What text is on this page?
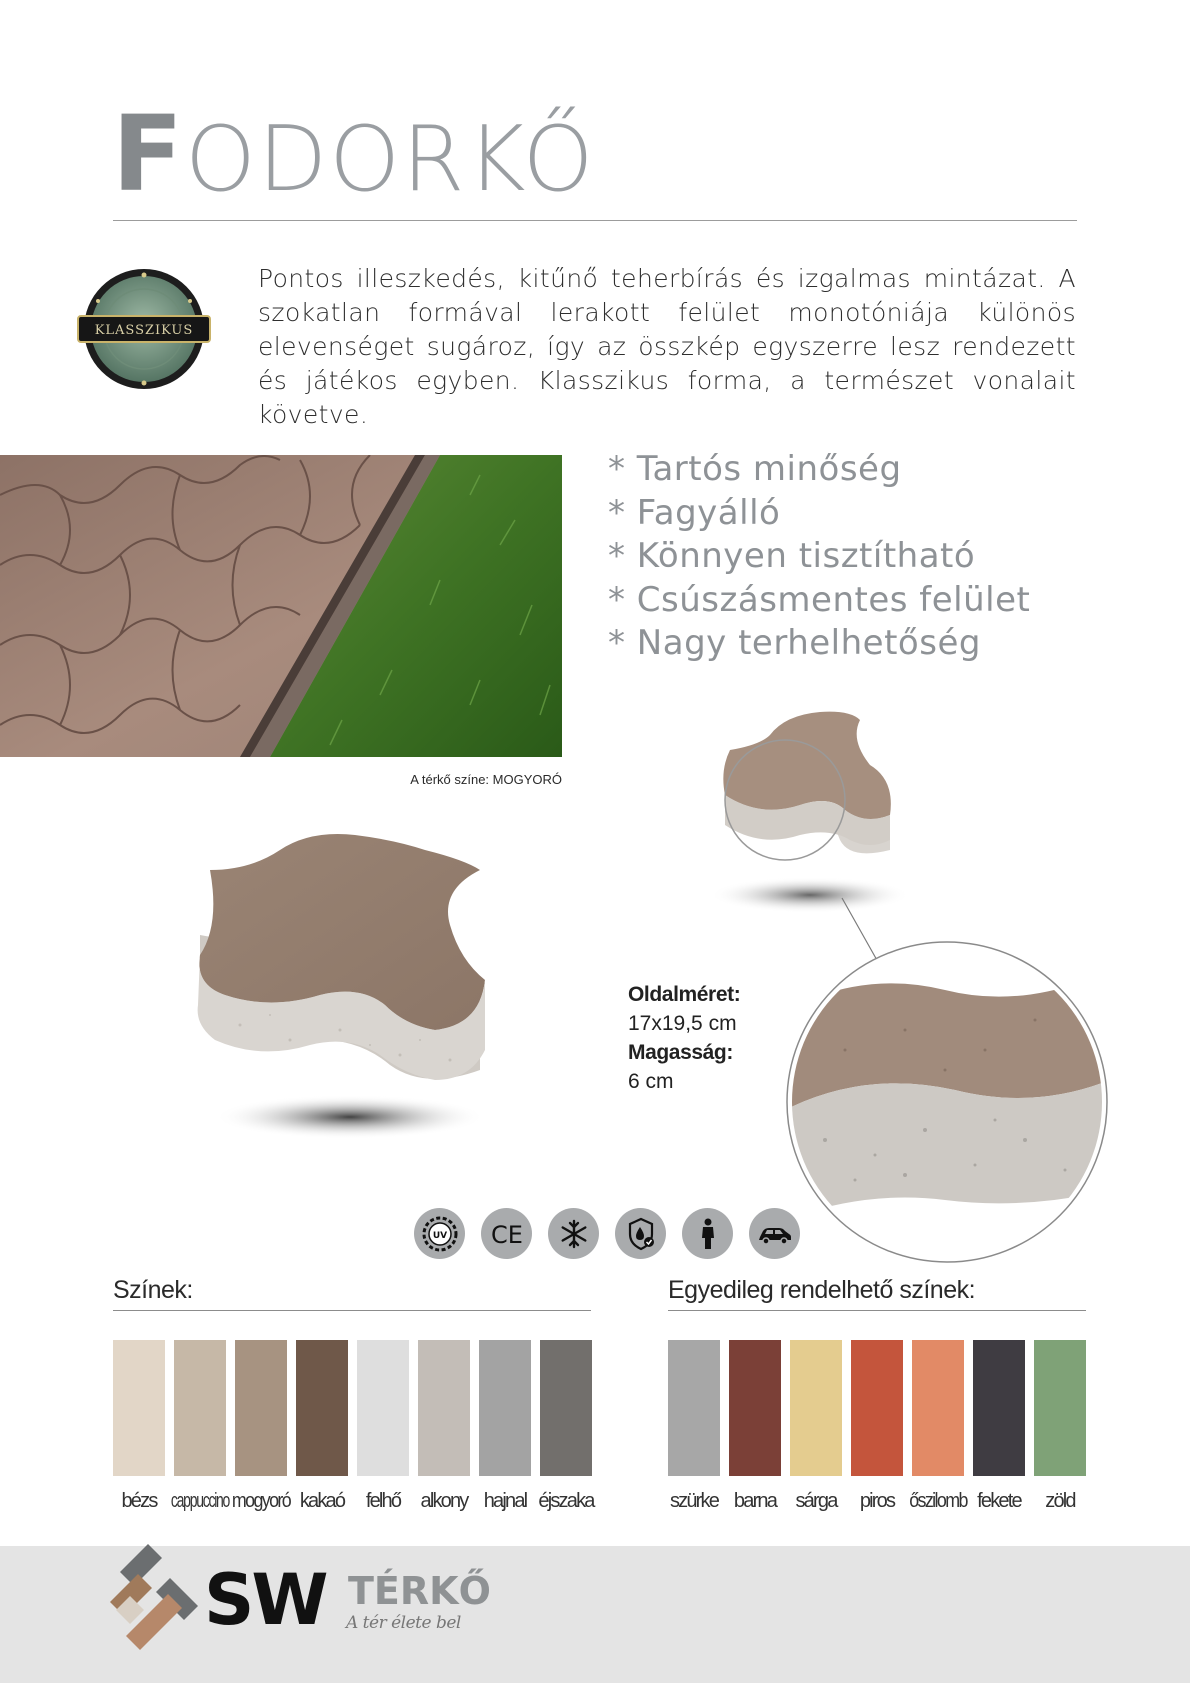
FODORKŐ
KLASSZIKUS

Pontos illeszkedés, kitűnő teherbírás és izgalmas mintázat. A szokatlan formával lerakott felület monotóniája különös elevenséget sugároz, így az összkép egyszerre lesz rendezett és játékos egyben. Klasszikus forma, a természet vonalait követve.

A térkő színe: MOGYORÓ
* Tartós minőség
* Fagyálló
* Könnyen tisztítható
* Csúszásmentes felület
* Nagy terhelhetőség
Oldalméret:
17x19,5 cm
Magasság:
6 cm
UV CE
Színek:
bézs cappuccino mogyoró kakaó felhő alkony hajnal éjszaka
Egyedileg rendelhető színek:
szürke barna sárga piros őszilomb fekete zöld
SW TÉRKŐ
A tér élete bel
